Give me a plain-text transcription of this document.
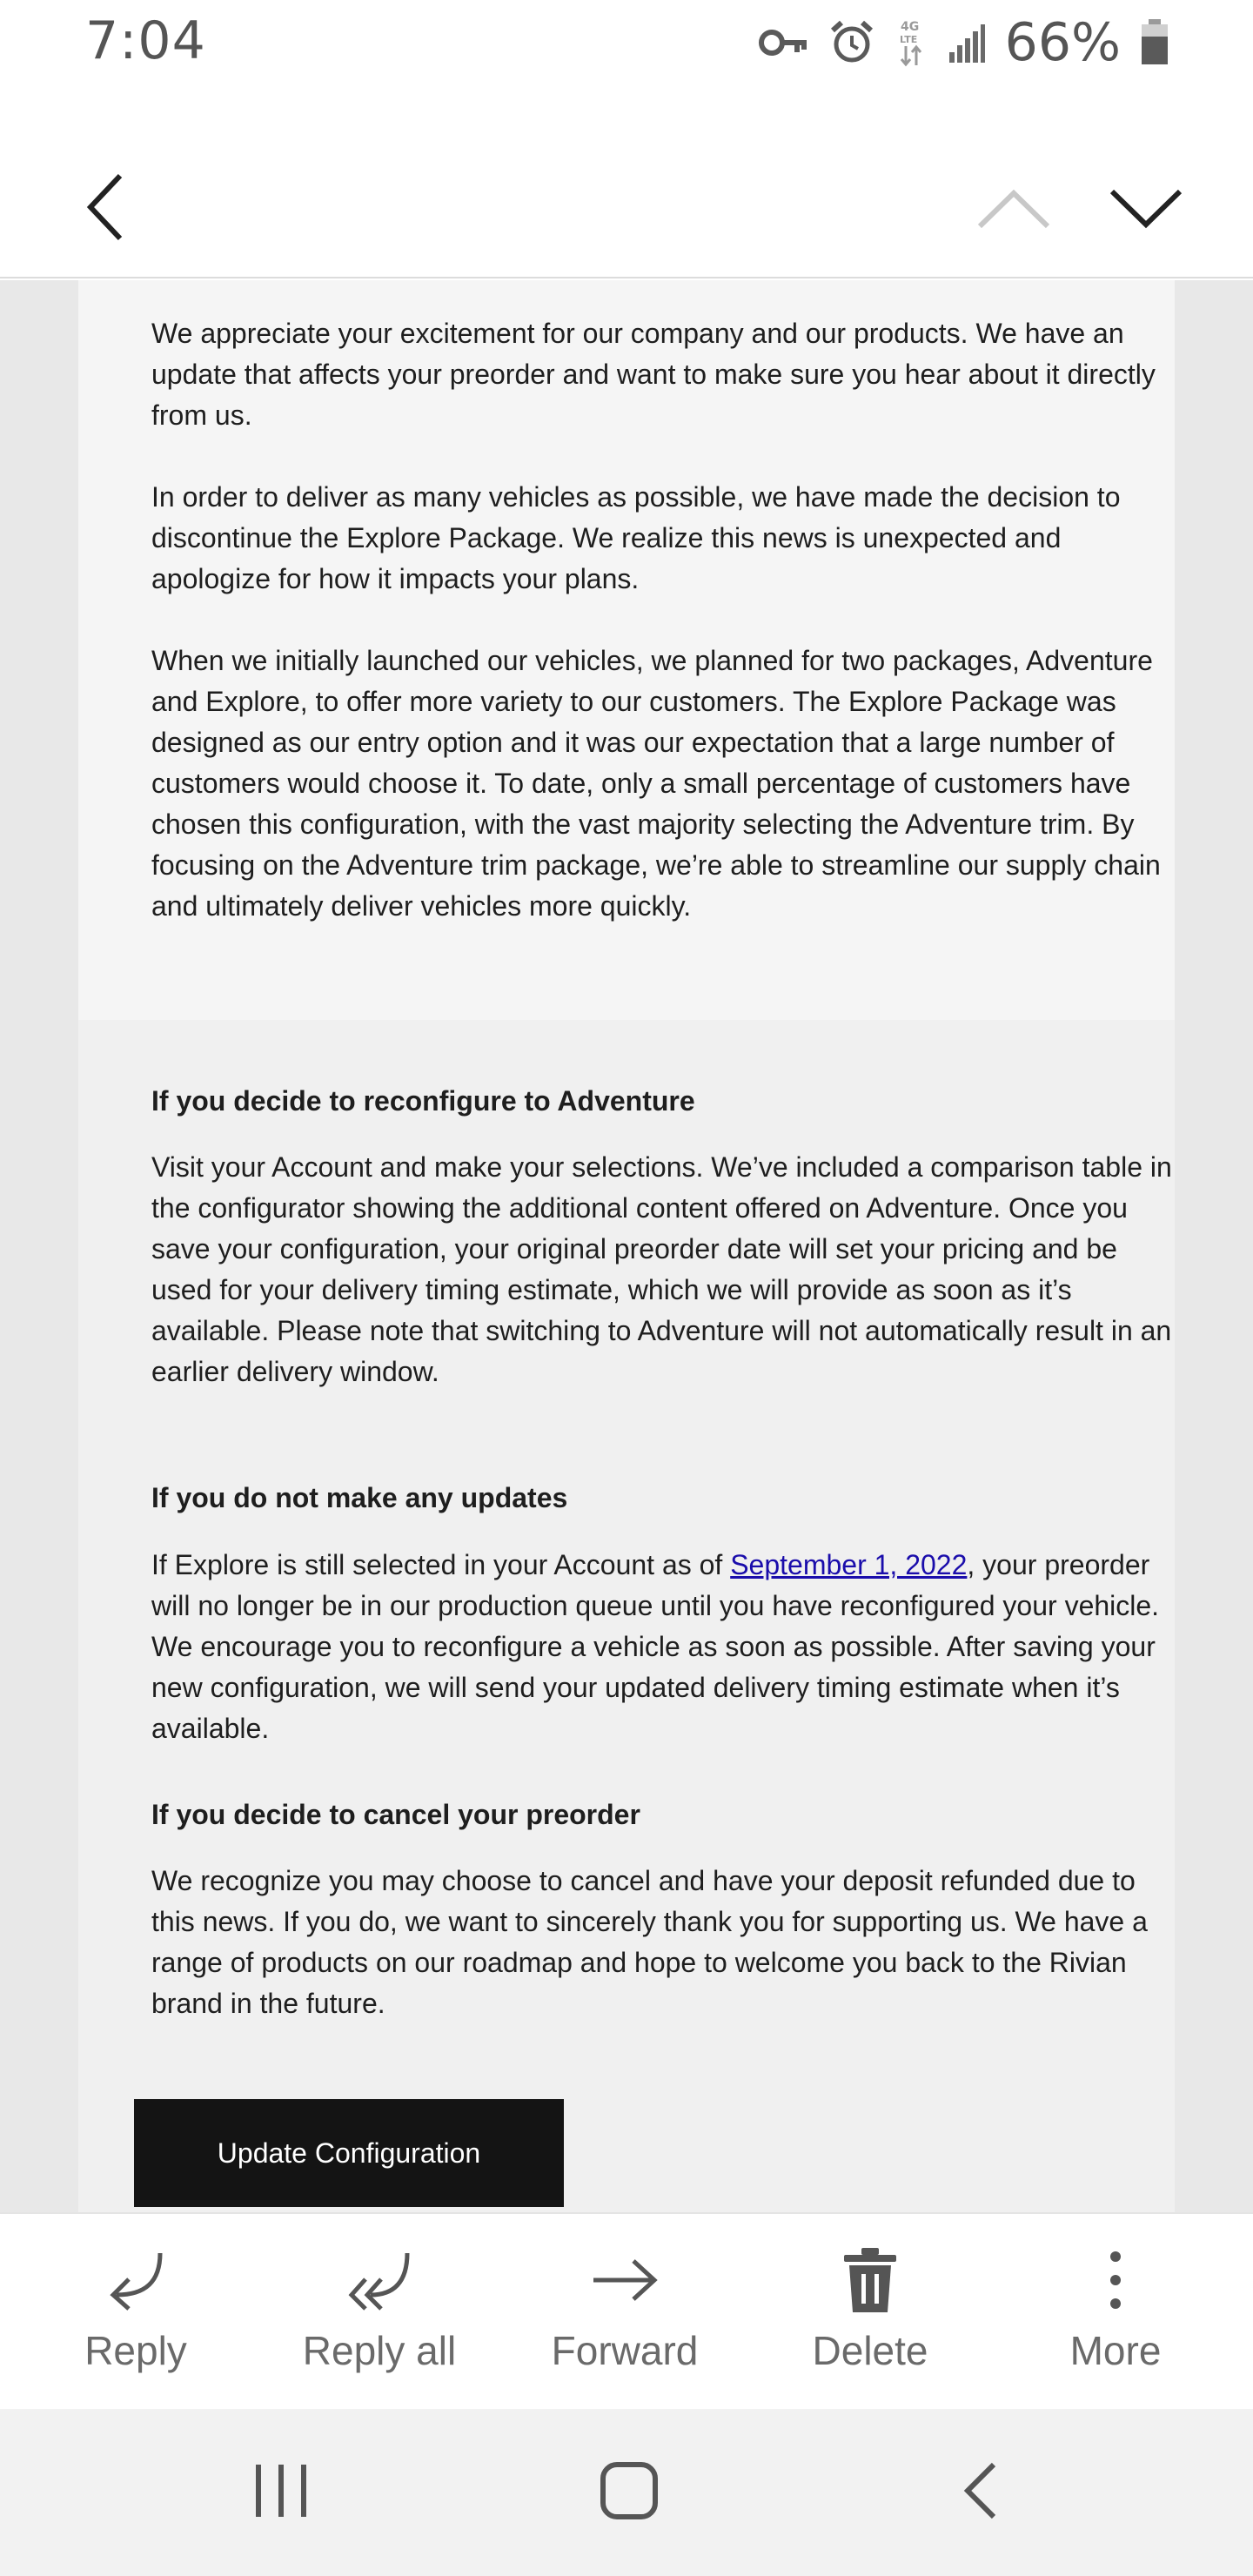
7:04	4G
LTE 66%

We appreciate your excitement for our company and our products. We have an update that affects your preorder and want to make sure you hear about it directly from us.

In order to deliver as many vehicles as possible, we have made the decision to discontinue the Explore Package. We realize this news is unexpected and apologize for how it impacts your plans.

When we initially launched our vehicles, we planned for two packages, Adventure and Explore, to offer more variety to our customers. The Explore Package was designed as our entry option and it was our expectation that a large number of customers would choose it. To date, only a small percentage of customers have chosen this configuration, with the vast majority selecting the Adventure trim. By focusing on the Adventure trim package, we’re able to streamline our supply chain and ultimately deliver vehicles more quickly.

If you decide to reconfigure to Adventure

Visit your Account and make your selections. We’ve included a comparison table in the configurator showing the additional content offered on Adventure. Once you save your configuration, your original preorder date will set your pricing and be used for your delivery timing estimate, which we will provide as soon as it’s available. Please note that switching to Adventure will not automatically result in an earlier delivery window.

If you do not make any updates

If Explore is still selected in your Account as of September 1, 2022, your preorder will no longer be in our production queue until you have reconfigured your vehicle. We encourage you to reconfigure a vehicle as soon as possible. After saving your new configuration, we will send your updated delivery timing estimate when it’s available.

If you decide to cancel your preorder

We recognize you may choose to cancel and have your deposit refunded due to this news. If you do, we want to sincerely thank you for supporting us. We have a range of products on our roadmap and hope to welcome you back to the Rivian brand in the future.

Update Configuration
Reply	Reply all Forward	Delete	More
